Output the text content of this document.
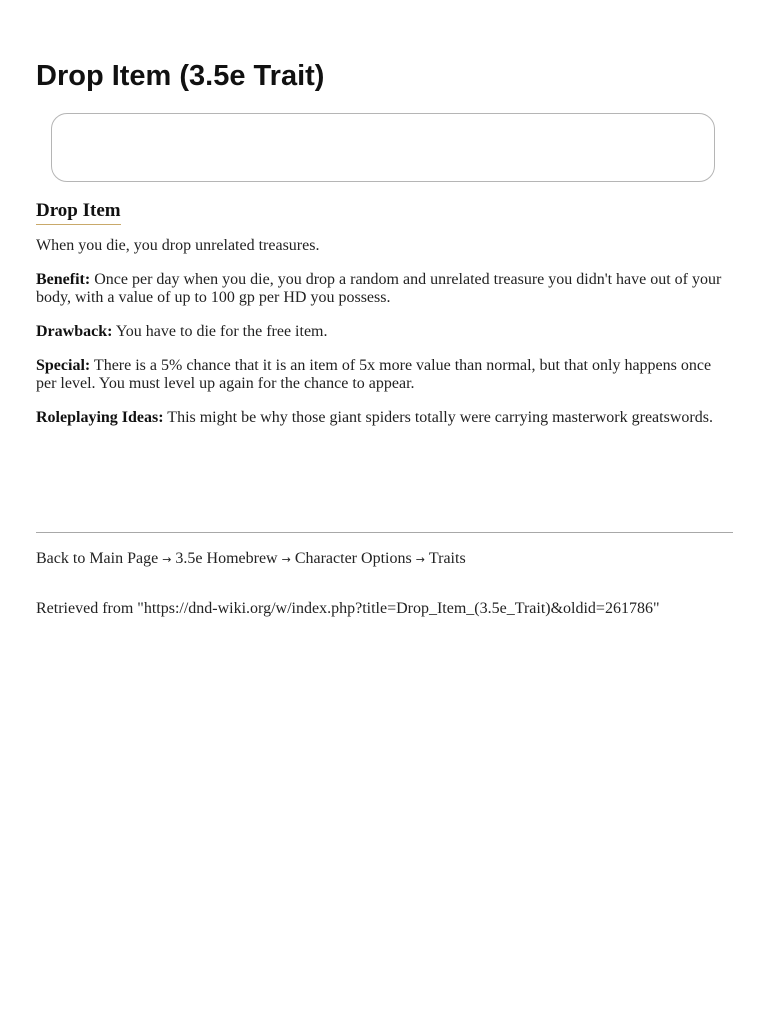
Drop Item (3.5e Trait)
Drop Item

When you die, you drop unrelated treasures.

Benefit: Once per day when you die, you drop a random and unrelated treasure you didn't have out of your body, with a value of up to 100 gp per HD you possess.

Drawback: You have to die for the free item.

Special: There is a 5% chance that it is an item of 5x more value than normal, but that only happens once per level. You must level up again for the chance to appear.

Roleplaying Ideas: This might be why those giant spiders totally were carrying masterwork greatswords.

Back to Main Page → 3.5e Homebrew → Character Options → Traits
Retrieved from "https://dnd-wiki.org/w/index.php?title=Drop_Item_(3.5e_Trait)&oldid=261786"
